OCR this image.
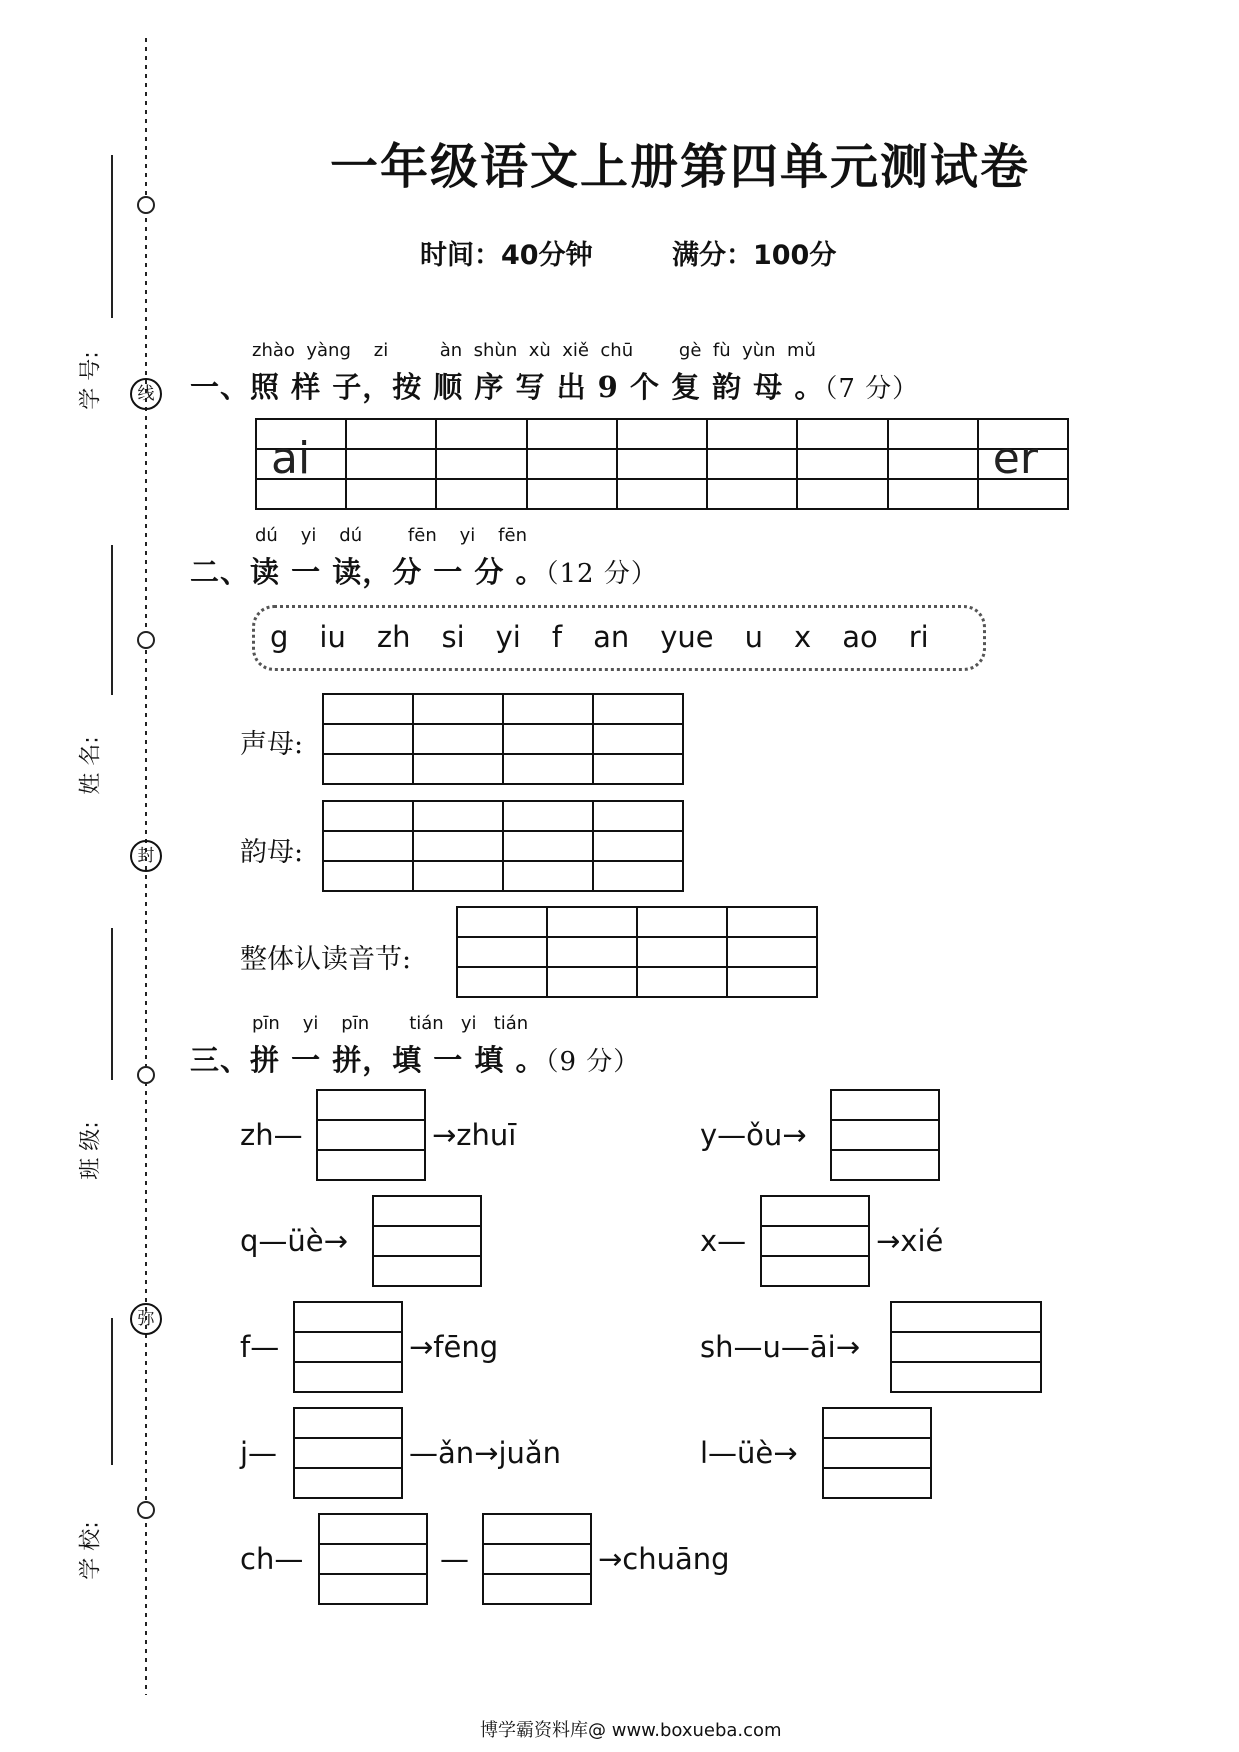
学 号:
姓 名:
班 级:
学 校:
线
封
弥
一年级语文上册第四单元测试卷
时间：40分钟	满分：100分
zhào yàng zi	àn shùn xù xiě chū	gè fù yùn mǔ
一、照 样 子，按 顺 序 写 出 9 个 复 韵 母 。（7 分）
ai	er
dú yi dú	fēn yi fēn
二、读 一 读，分 一 分 。（12 分）
g iu zh si yi f an yue u x ao ri
声母:
韵母:
整体认读音节:
pīn yi pīn tián yi tián
三、拼 一 拼，填 一 填 。（9 分）
zh—	→zhuī	y—ǒu→
q—üè→	x—	→xié
f—	→fēng	sh—u—āi→
j—	—ǎn→juǎn	l—üè→
ch—	—	→chuāng
博学霸资料库@ www.boxueba.com
